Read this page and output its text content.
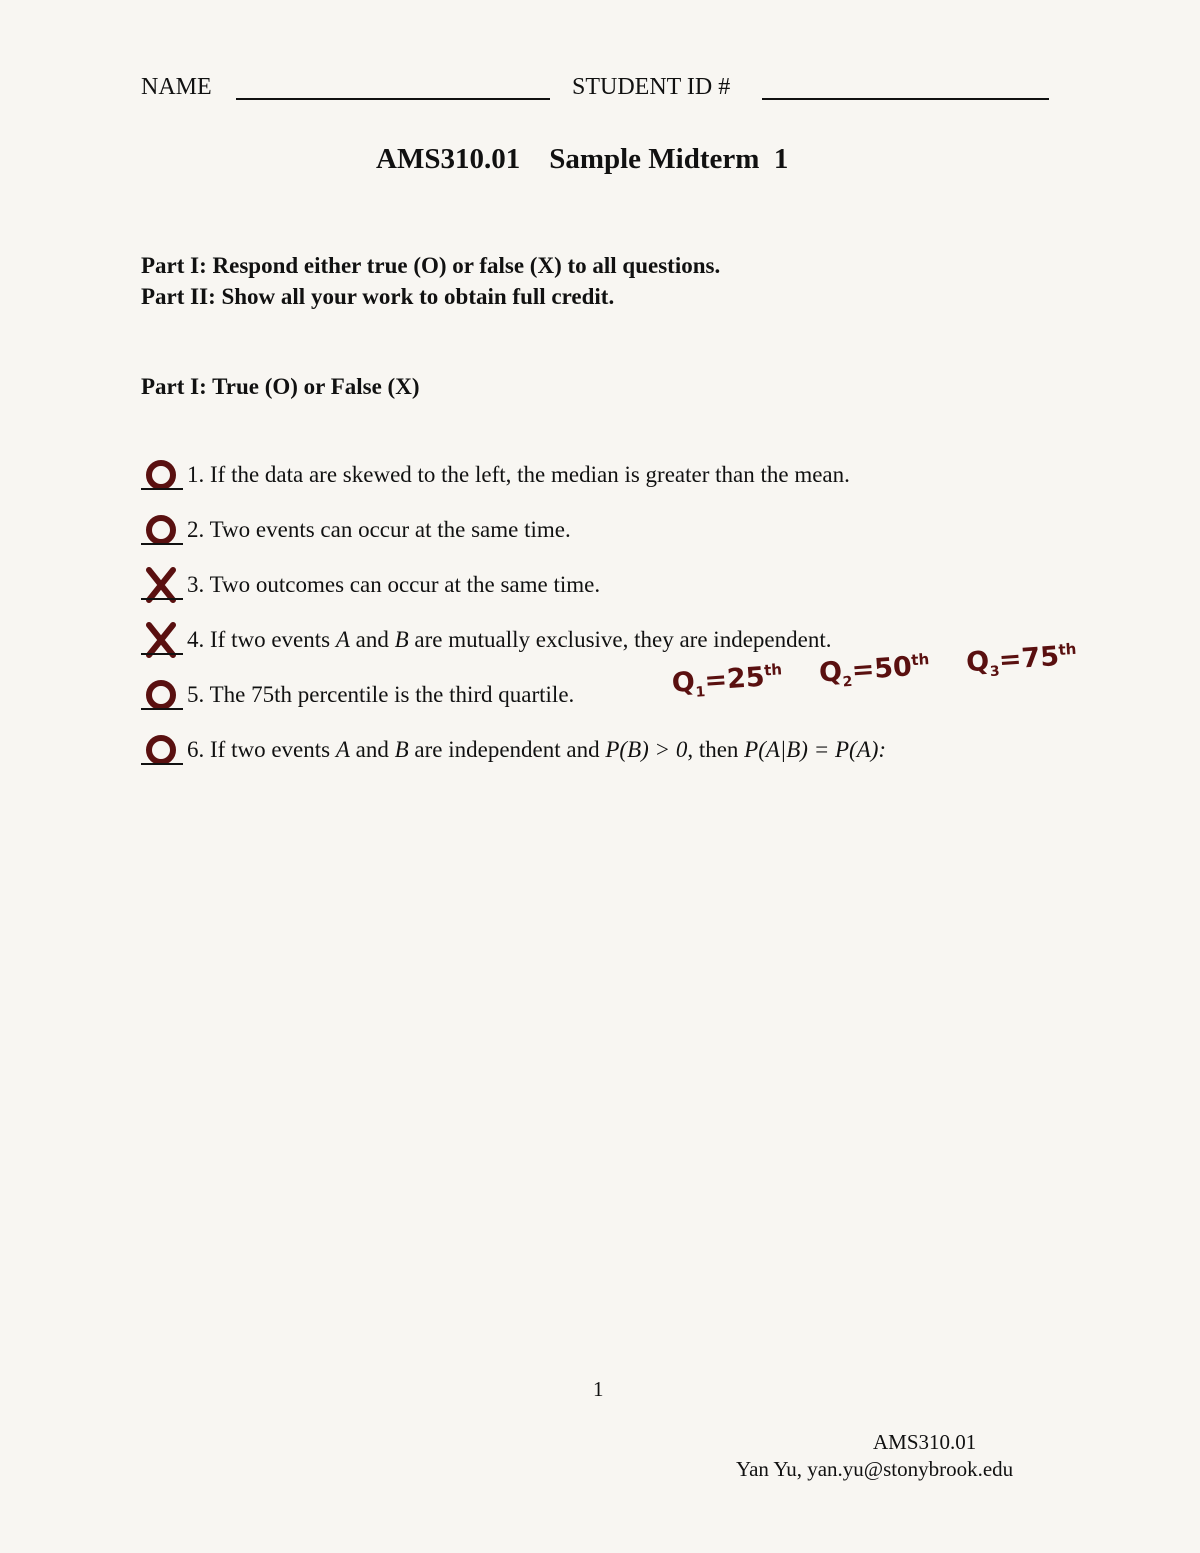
NAME	STUDENT ID #
AMS310.01    Sample Midterm  1
Part I: Respond either true (O) or false (X) to all questions.
Part II: Show all your work to obtain full credit.
Part I: True (O) or False (X)
1. If the data are skewed to the left, the median is greater than the mean.
2. Two events can occur at the same time.
3. Two outcomes can occur at the same time.
4. If two events A and B are mutually exclusive, they are independent.
5. The 75th percentile is the third quartile.	$Q_1=25th$ $Q_2=50th$ $Q_3=75th$
6. If two events A and B are independent and P(B) > 0, then P(A|B) = P(A):
1
AMS310.01
Yan Yu, yan.yu@stonybrook.edu
